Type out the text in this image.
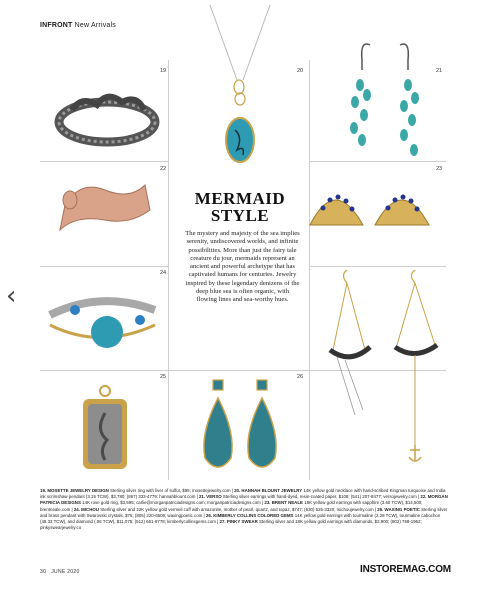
INFRONT New Arrivals
‹
19	20	21
22	23
24
25	26
MERMAID
STYLE
The mystery and majesty of the sea implies serenity, undiscovered worlds, and infinite possibilities. More than just the fairy tale creature du jour, mermaids represent an ancient and powerful archetype that has captivated humans for centuries. Jewelry inspired by these legendary denizens of the deep blue sea is often organic, with flowing lines and sea-worthy hues.
19. MOSETTE JEWELRY DESIGN Sterling silver ring with liver of sulfur, $95; mosettejewelry.com | 20. HANNAH BLOUNT JEWELRY 14K yellow gold necklace with hand-scribed Kingman turquoise and India ink scrimshaw pendant (3.15 TCW), $2,780; (867) 333-4779; hannahblount.com | 21. VERSO Sterling silver earrings with hand-dyed, resin-coated paper, $108; (541) 207-8477; versojewelry.com | 22. MORGAN PATRICIA DESIGNS 14K rose gold ring, $3,595; carlie@morganpatriciadesigns.com; morganpatriciadesigns.com | 23. BRENT NEALE 18K yellow gold earrings with sapphire (3.60 TCW), $14,500; brentneale.com | 24. MICHOU Sterling silver and 22K yellow gold vermeil cuff with amazonite, mother of pearl, quartz, and topaz, $747; (530) 525-3320; michoujewelry.com | 25. WAXING POETIC Sterling silver and brass pendant with Swarovski crystals, $75; (805) 220-6509; waxingpoetic.com | 26. KIMBERLY COLLINS COLORED GEMS 14K yellow gold earrings with tourmaline (2.28 TCW), tourmaline cabochon (48.33 TCW), and diamond (.06 TCW), $11,075; (512) 661-8778; kimberlycollinsgems.com | 27. PINKY SWEAR Sterling silver and 18K yellow gold earrings with diamonds, $2,900; (802) 768-1962; pinkyswearjewelry.co
30 JUNE 2020	INSTOREMAG.COM
